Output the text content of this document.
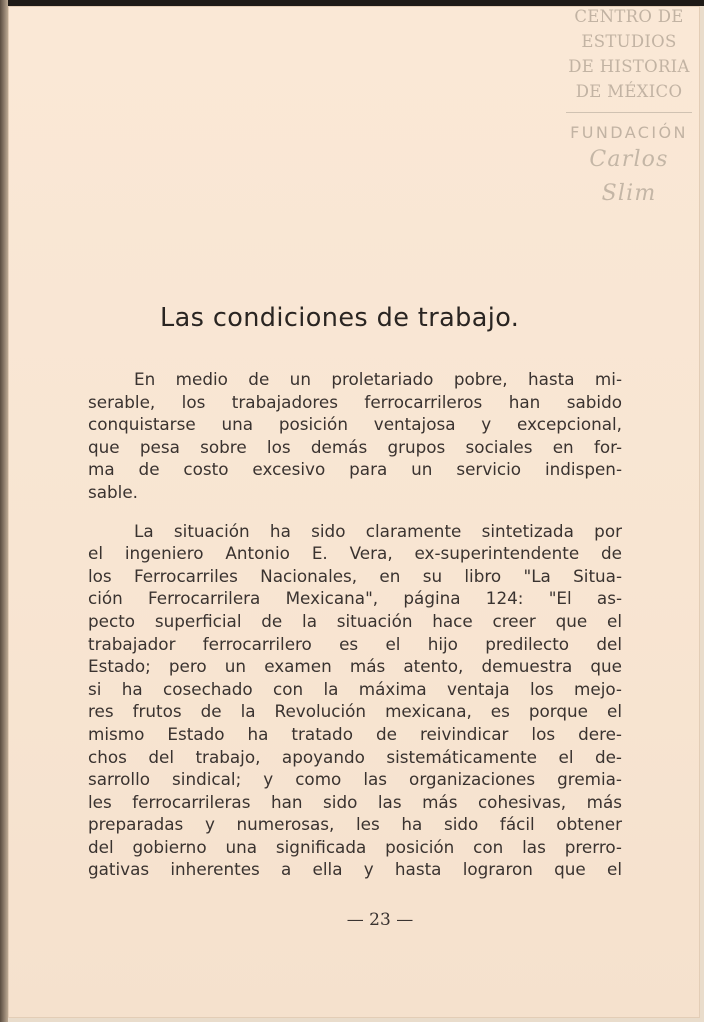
CENTRO DE
ESTUDIOS
DE HISTORIA
DE MÉXICO
FUNDACIÓN
Carlos Slim
Las condiciones de trabajo.

En medio de un proletariado pobre, hasta mi-
serable, los trabajadores ferrocarrileros han sabido
conquistarse una posición ventajosa y excepcional,
que pesa sobre los demás grupos sociales en for-
ma de costo excesivo para un servicio indispen-
sable.

La situación ha sido claramente sintetizada por
el ingeniero Antonio E. Vera, ex-superintendente de
los Ferrocarriles Nacionales, en su libro "La Situa-
ción Ferrocarrilera Mexicana", página 124: "El as-
pecto superficial de la situación hace creer que el
trabajador ferrocarrilero es el hijo predilecto del
Estado; pero un examen más atento, demuestra que
si ha cosechado con la máxima ventaja los mejo-
res frutos de la Revolución mexicana, es porque el
mismo Estado ha tratado de reivindicar los dere-
chos del trabajo, apoyando sistemáticamente el de-
sarrollo sindical; y como las organizaciones gremia-
les ferrocarrileras han sido las más cohesivas, más
preparadas y numerosas, les ha sido fácil obtener
del gobierno una significada posición con las prerro-
gativas inherentes a ella y hasta lograron que el

— 23 —
